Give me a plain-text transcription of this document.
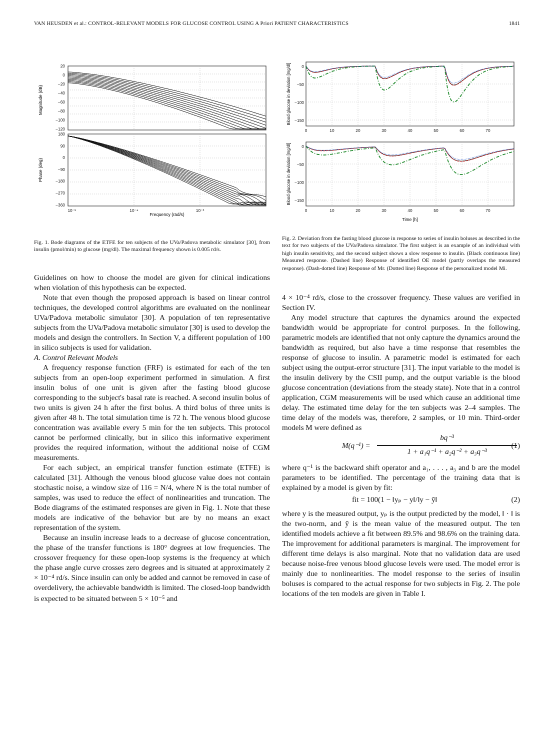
VAN HEUSDEN et al.: CONTROL-RELEVANT MODELS FOR GLUCOSE CONTROL USING A Priori PATIENT CHARACTERISTICS	1841
20
0
−20
−40
−60
−80
−100
−120
180
90
0
−90
−180
−270
−360
10⁻⁵	10⁻⁴	10⁻³
Magnitude (dB)
Phase (deg)
Frequency (rad/s)
Fig. 1. Bode diagrams of the ETFE for ten subjects of the UVa/Padova metabolic simulator [30], from insulin (pmol/min) to glucose (mg/dl). The maximal frequency shown is 0.005 rd/s.
0
−50
−100
−150
0	10	20	30	40	50	60	70
0
−50
−100
−150
0	10	20	30	40	50	60	70
Blood glucose in deviation [mg/dl]
Blood glucose in deviation [mg/dl]
Time [h]
Fig. 2. Deviation from the fasting blood glucose in response to series of insulin boluses as described in the text for two subjects of the UVa/Padova simulator. The first subject is an example of an individual with high insulin sensitivity, and the second subject shows a slow response to insulin. (Black continuous line) Measured response. (Dashed line) Response of identified OE model (partly overlaps the measured response). (Dash-dotted line) Response of Mr. (Dotted line) Response of the personalized model Mi.

Guidelines on how to choose the model are given for clinical indications when violation of this hypothesis can be expected.

Note that even though the proposed approach is based on linear control techniques, the developed control algorithms are evaluated on the nonlinear UVa/Padova metabolic simulator [30]. A population of ten representative subjects from the UVa/Padova metabolic simulator [30] is used to develop the models and design the controllers. In Section V, a different population of 100 in silico subjects is used for validation.

A. Control Relevant Models

A frequency response function (FRF) is estimated for each of the ten subjects from an open-loop experiment performed in simulation. A first insulin bolus of one unit is given after the fasting blood glucose corresponding to the subject's basal rate is reached. A second insulin bolus of two units is given 24 h after the first bolus. A third bolus of three units is given after 48 h. The total simulation time is 72 h. The venous blood glucose concentration was available every 5 min for the ten subjects. This protocol cannot be performed clinically, but in silico this informative experiment provides the required information, without the additional noise of CGM measurements.

For each subject, an empirical transfer function estimate (ETFE) is calculated [31]. Although the venous blood glucose value does not contain stochastic noise, a window size of 116 = N/4, where N is the total number of samples, was used to reduce the effect of nonlinearities and truncation. The Bode diagrams of the estimated responses are given in Fig. 1. Note that these models are indicative of the behavior but are by no means an exact representation of the system.

Because an insulin increase leads to a decrease of glucose concentration, the phase of the transfer functions is 180° degrees at low frequencies. The crossover frequency for these open-loop systems is the frequency at which the phase angle curve crosses zero degrees and is situated at approximately 2 × 10⁻⁴ rd/s. Since insulin can only be added and cannot be removed in case of overdelivery, the achievable bandwidth is limited. The closed-loop bandwidth is expected to be situated between 5 × 10⁻⁵ and

4 × 10⁻⁴ rd/s, close to the crossover frequency. These values are verified in Section IV.

Any model structure that captures the dynamics around the expected bandwidth would be appropriate for control purposes. In the following, parametric models are identified that not only capture the dynamics around the bandwidth as required, but also have a time response that resembles the response of glucose to insulin. A parametric model is estimated for each subject using the output-error structure [31]. The input variable to the model is the insulin delivery by the CSII pump, and the output variable is the blood glucose concentration (deviations from the steady state). Note that in a control application, CGM measurements will be used which cause an additional time delay. The estimated time delay for the ten subjects was 2–4 samples. The time delay of the models was, therefore, 2 samples, or 10 min. Third-order models M were defined as

$M(q^{-1}) = \frac{\text{bq⁻³}}{\text{1 + a₁q⁻¹ + a₂q⁻² + a₃q⁻³}}$
(1)

where q⁻¹ is the backward shift operator and a₁, . . . , a₃ and b are the model parameters to be identified. The percentage of the training data that is explained by a model is given by fit:

fit = 100(1 − ‖yₚ − y‖/‖y − ȳ‖	(2)

where y is the measured output, yₚ is the output predicted by the model, ‖ · ‖ is the two-norm, and ȳ is the mean value of the measured output. The ten identified models achieve a fit between 89.5% and 98.6% on the training data. The improvement for additional parameters is marginal. The improvement for different time delays is also marginal. Note that no validation data are used because noise-free venous blood glucose levels were used. The model error is mainly due to nonlinearities. The model response to the series of insulin boluses is compared to the actual response for two subjects in Fig. 2. The pole locations of the ten models are given in Table I.
